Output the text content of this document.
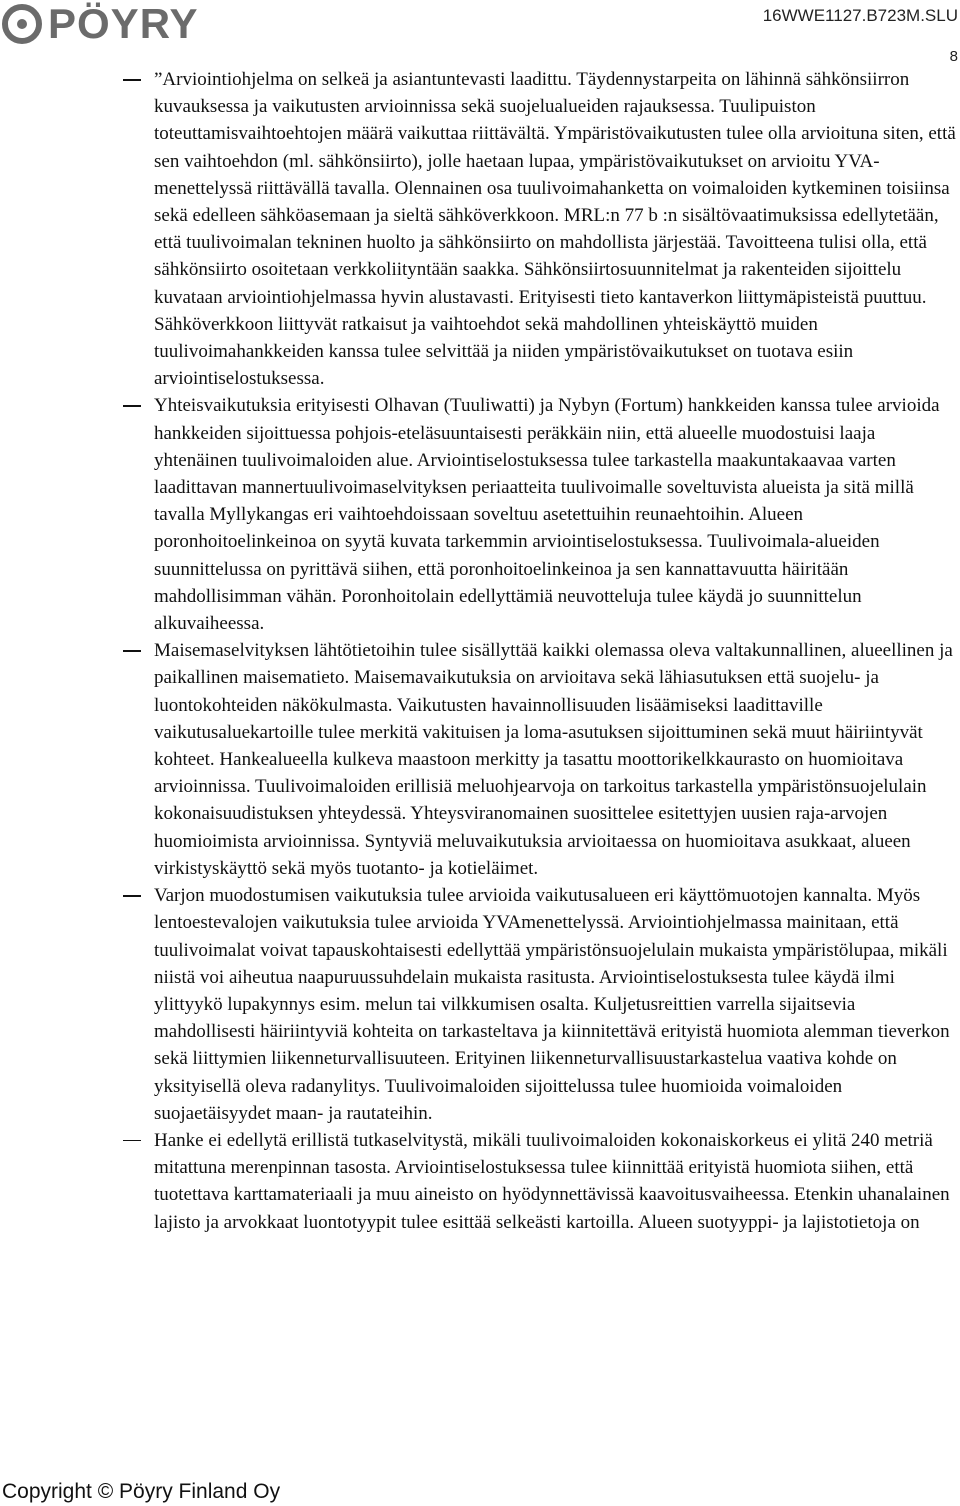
PÖYRY	16WWE1127.B723M.SLU
8

”Arviointiohjelma on selkeä ja asiantuntevasti laadittu. Täydennystarpeita on lähinnä sähkönsiirron kuvauksessa ja vaikutusten arvioinnissa sekä suojelualueiden rajauksessa. Tuulipuiston toteuttamisvaihtoehtojen määrä vaikuttaa riittävältä. Ympäristövaikutusten tulee olla arvioituna siten, että sen vaihtoehdon (ml. sähkönsiirto), jolle haetaan lupaa, ympäristövaikutukset on arvioitu YVA-menettelyssä riittävällä tavalla. Olennainen osa tuulivoimahanketta on voimaloiden kytkeminen toisiinsa sekä edelleen sähköasemaan ja sieltä sähköverkkoon. MRL:n 77 b :n sisältövaatimuksissa edellytetään, että tuulivoimalan tekninen huolto ja sähkönsiirto on mahdollista järjestää. Tavoitteena tulisi olla, että sähkönsiirto osoitetaan verkkoliityntään saakka. Sähkönsiirtosuunnitelmat ja rakenteiden sijoittelu kuvataan arviointiohjelmassa hyvin alustavasti. Erityisesti tieto kantaverkon liittymäpisteistä puuttuu. Sähköverkkoon liittyvät ratkaisut ja vaihtoehdot sekä mahdollinen yhteiskäyttö muiden tuulivoimahankkeiden kanssa tulee selvittää ja niiden ympäristövaikutukset on tuotava esiin arviointiselostuksessa.

Yhteisvaikutuksia erityisesti Olhavan (Tuuliwatti) ja Nybyn (Fortum) hankkeiden kanssa tulee arvioida hankkeiden sijoittuessa pohjois-eteläsuuntaisesti peräkkäin niin, että alueelle muodostuisi laaja yhtenäinen tuulivoimaloiden alue. Arviointiselostuksessa tulee tarkastella maakuntakaavaa varten laadittavan mannertuulivoimaselvityksen periaatteita tuulivoimalle soveltuvista alueista ja sitä millä tavalla Myllykangas eri vaihtoehdoissaan soveltuu asetettuihin reunaehtoihin. Alueen poronhoitoelinkeinoa on syytä kuvata tarkemmin arviointiselostuksessa. Tuulivoimala-alueiden suunnittelussa on pyrittävä siihen, että poronhoitoelinkeinoa ja sen kannattavuutta häiritään mahdollisimman vähän. Poronhoitolain edellyttämiä neuvotteluja tulee käydä jo suunnittelun alkuvaiheessa.

Maisemaselvityksen lähtötietoihin tulee sisällyttää kaikki olemassa oleva valtakunnallinen, alueellinen ja paikallinen maisematieto. Maisemavaikutuksia on arvioitava sekä lähiasutuksen että suojelu- ja luontokohteiden näkökulmasta. Vaikutusten havainnollisuuden lisäämiseksi laadittaville vaikutusaluekartoille tulee merkitä vakituisen ja loma-asutuksen sijoittuminen sekä muut häiriintyvät kohteet. Hankealueella kulkeva maastoon merkitty ja tasattu moottorikelkkaurasto on huomioitava arvioinnissa. Tuulivoimaloiden erillisiä meluohjearvoja on tarkoitus tarkastella ympäristönsuojelulain kokonaisuudistuksen yhteydessä. Yhteysviranomainen suosittelee esitettyjen uusien raja-arvojen huomioimista arvioinnissa. Syntyviä meluvaikutuksia arvioitaessa on huomioitava asukkaat, alueen virkistyskäyttö sekä myös tuotanto- ja kotieläimet.

Varjon muodostumisen vaikutuksia tulee arvioida vaikutusalueen eri käyttömuotojen kannalta. Myös lentoestevalojen vaikutuksia tulee arvioida YVAmenettelyssä. Arviointiohjelmassa mainitaan, että tuulivoimalat voivat tapauskohtaisesti edellyttää ympäristönsuojelulain mukaista ympäristölupaa, mikäli niistä voi aiheutua naapuruussuhdelain mukaista rasitusta. Arviointiselostuksesta tulee käydä ilmi ylittyykö lupakynnys esim. melun tai vilkkumisen osalta. Kuljetusreittien varrella sijaitsevia mahdollisesti häiriintyviä kohteita on tarkasteltava ja kiinnitettävä erityistä huomiota alemman tieverkon sekä liittymien liikenneturvallisuuteen. Erityinen liikenneturvallisuustarkastelua vaativa kohde on yksityisellä oleva radanylitys. Tuulivoimaloiden sijoittelussa tulee huomioida voimaloiden suojaetäisyydet maan- ja rautateihin.

Hanke ei edellytä erillistä tutkaselvitystä, mikäli tuulivoimaloiden kokonaiskorkeus ei ylitä 240 metriä mitattuna merenpinnan tasosta. Arviointiselostuksessa tulee kiinnittää erityistä huomiota siihen, että tuotettava karttamateriaali ja muu aineisto on hyödynnettävissä kaavoitusvaiheessa. Etenkin uhanalainen lajisto ja arvokkaat luontotyypit tulee esittää selkeästi kartoilla. Alueen suotyyppi- ja lajistotietoja on

Copyright © Pöyry Finland Oy
